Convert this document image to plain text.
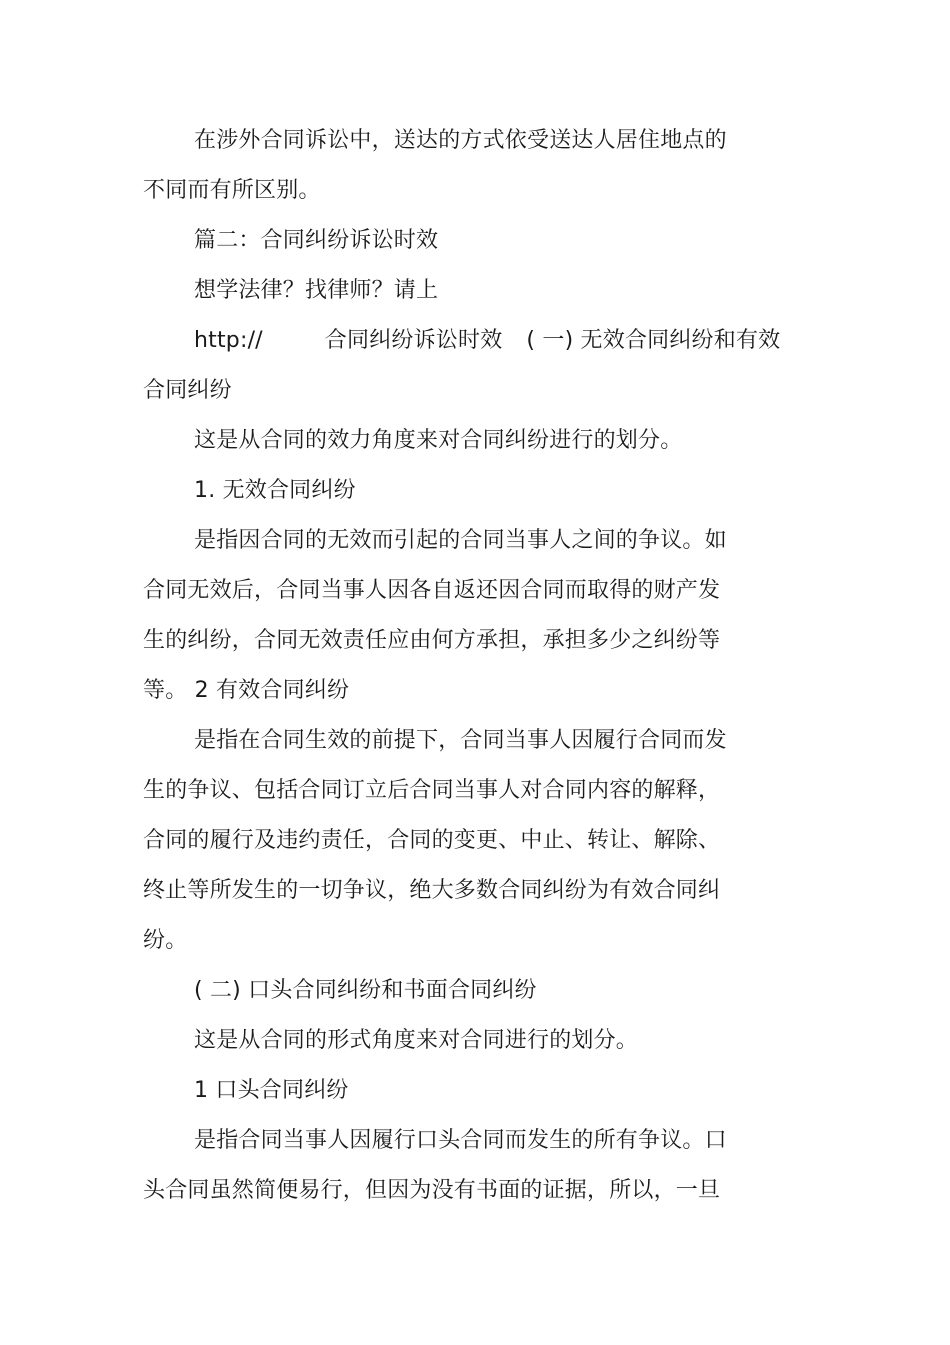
在涉外合同诉讼中，送达的方式依受送达人居住地点的
不同而有所区别。
篇二：合同纠纷诉讼时效
想学法律？找律师？请上
http://	合同纠纷诉讼时效 ( 一) 无效合同纠纷和有效
合同纠纷
这是从合同的效力角度来对合同纠纷进行的划分。
1. 无效合同纠纷
是指因合同的无效而引起的合同当事人之间的争议。如
合同无效后，合同当事人因各自返还因合同而取得的财产发
生的纠纷，合同无效责任应由何方承担，承担多少之纠纷等
等。 2 有效合同纠纷
是指在合同生效的前提下，合同当事人因履行合同而发
生的争议、包括合同订立后合同当事人对合同内容的解释，
合同的履行及违约责任，合同的变更、中止、转让、解除、
终止等所发生的一切争议，绝大多数合同纠纷为有效合同纠
纷。
( 二) 口头合同纠纷和书面合同纠纷
这是从合同的形式角度来对合同进行的划分。
1 口头合同纠纷
是指合同当事人因履行口头合同而发生的所有争议。口
头合同虽然简便易行，但因为没有书面的证据，所以，一旦
